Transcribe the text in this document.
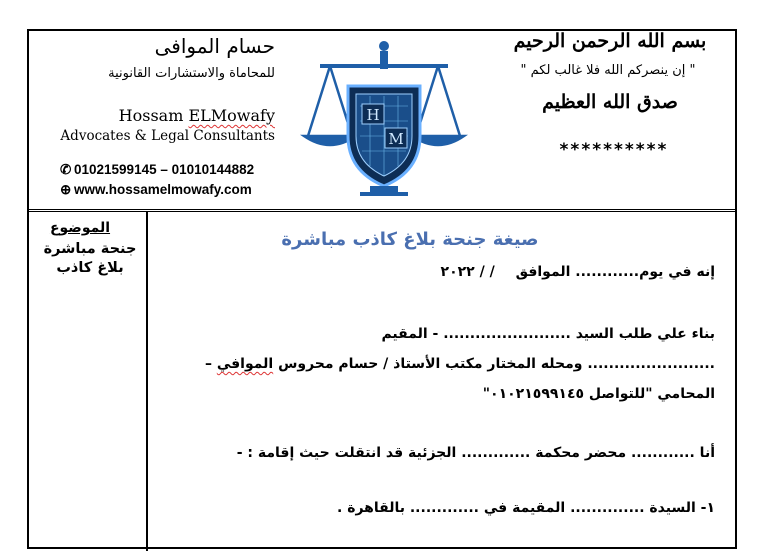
بسم الله الرحمن الرحيم
" إن ينصركم الله فلا غالب لكم "
صدق الله العظيم
**********
حسام الموافى
للمحاماة والاستشارات القانونية
Hossam ELMowafy
Advocates & Legal Consultants
✆ 01021599145 – 01010144882
⊕ www.hossamelmowafy.com
H
M
الموضوع
جنحة مباشرة
بلاغ كاذب
صيغة جنحة بلاغ كاذب مباشرة
إنه في يوم............ الموافق / / ٢٠٢٢
بناء علي طلب السيد ........................ - المقيم
........................ ومحله المختار مكتب الأستاذ / حسام محروس الموافي –
المحامي "للتواصل ٠١٠٢١٥٩٩١٤٥"
أنا ............ محضر محكمة ............. الجزئية قد انتقلت حيث إقامة : -
١- السيدة .............. المقيمة في ............. بالقاهرة .
